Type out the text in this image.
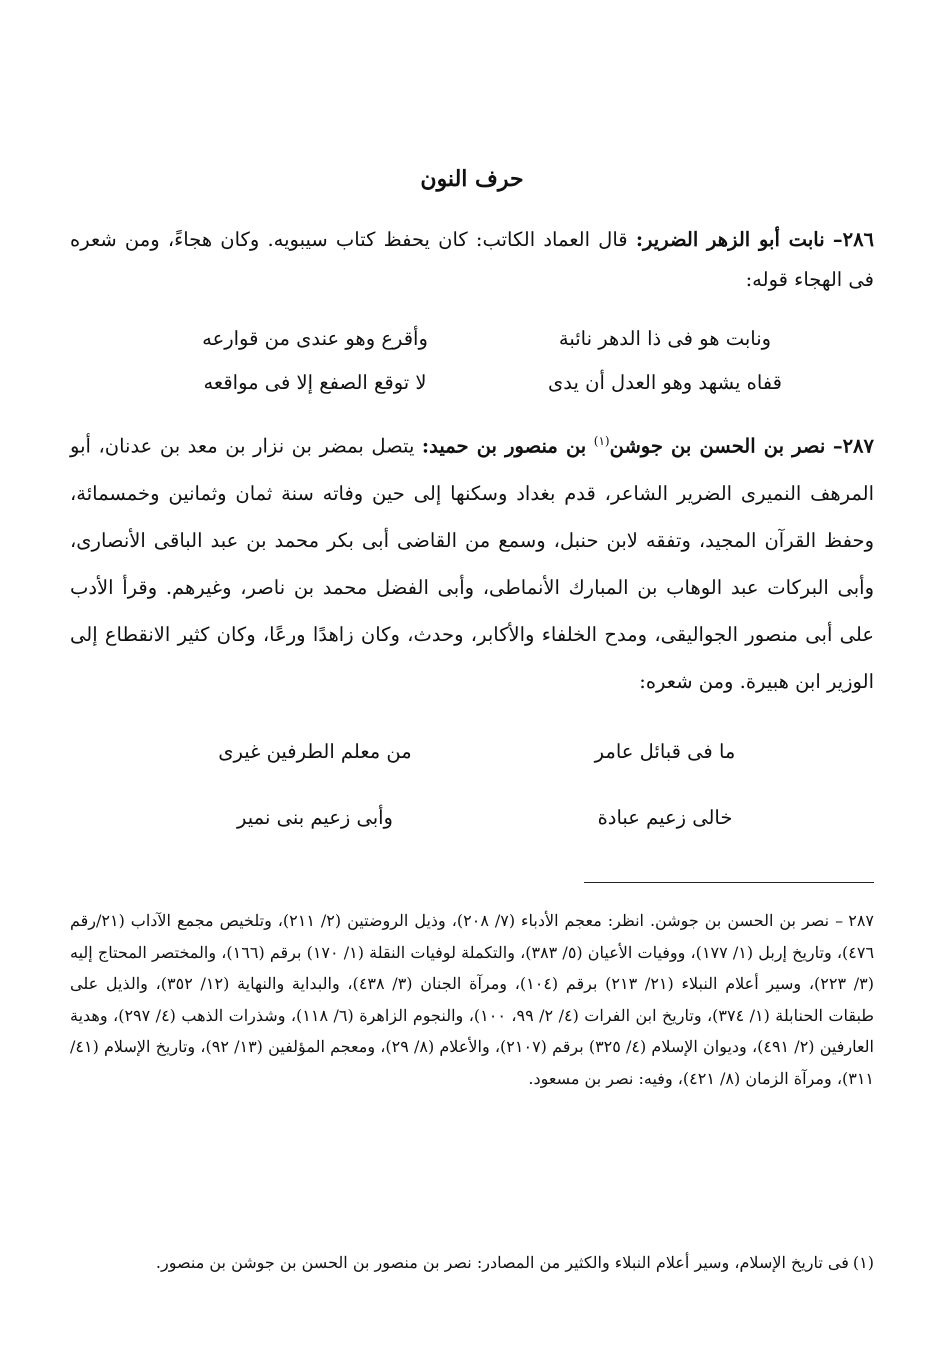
حرف النون
٢٨٦– نابت أبو الزهر الضرير: قال العماد الكاتب: كان يحفظ كتاب سيبويه. وكان هجاءً، ومن شعره فى الهجاء قوله:
ونابت هو فى ذا الدهر نائبة
وأقرع وهو عندى من قوارعه
قفاه يشهد وهو العدل أن يدى
لا توقع الصفع إلا فى مواقعه
٢٨٧– نصر بن الحسن بن جوشن$^{(١)}$ بن منصور بن حميد: يتصل بمضر بن نزار بن معد بن عدنان، أبو المرهف النميرى الضرير الشاعر، قدم بغداد وسكنها إلى حين وفاته سنة ثمان وثمانين وخمسمائة، وحفظ القرآن المجيد، وتفقه لابن حنبل، وسمع من القاضى أبى بكر محمد بن عبد الباقى الأنصارى، وأبى البركات عبد الوهاب بن المبارك الأنماطى، وأبى الفضل محمد بن ناصر، وغيرهم. وقرأ الأدب على أبى منصور الجواليقى، ومدح الخلفاء والأكابر، وحدث، وكان زاهدًا ورعًا، وكان كثير الانقطاع إلى الوزير ابن هبيرة. ومن شعره:
ما فى قبائل عامر
من معلم الطرفين غيرى
خالى زعيم عبادة
وأبى زعيم بنى نمير
٢٨٧ –نصر بن الحسن بن جوشن. انظر: معجم الأدباء (٧/ ٢٠٨)، وذيل الروضتين (٢/ ٢١١)، وتلخيص مجمع الآداب (٢١/رقم ٤٧٦)، وتاريخ إربل (١/ ١٧٧)، ووفيات الأعيان (٥/ ٣٨٣)، والتكملة لوفيات النقلة (١/ ١٧٠) برقم (١٦٦)، والمختصر المحتاج إليه (٣/ ٢٢٣)، وسير أعلام النبلاء (٢١/ ٢١٣) برقم (١٠٤)، ومرآة الجنان (٣/ ٤٣٨)، والبداية والنهاية (١٢/ ٣٥٢)، والذيل على طبقات الحنابلة (١/ ٣٧٤)، وتاريخ ابن الفرات (٤/ ٢/ ٩٩، ١٠٠)، والنجوم الزاهرة (٦/ ١١٨)، وشذرات الذهب (٤/ ٢٩٧)، وهدية العارفين (٢/ ٤٩١)، وديوان الإسلام (٤/ ٣٢٥) برقم (٢١٠٧)، والأعلام (٨/ ٢٩)، ومعجم المؤلفين (١٣/ ٩٢)، وتاريخ الإسلام (٤١/ ٣١١)، ومرآة الزمان (٨/ ٤٢١)، وفيه: نصر بن مسعود.
(١)فى تاريخ الإسلام، وسير أعلام النبلاء والكثير من المصادر: نصر بن منصور بن الحسن بن جوشن بن منصور.
